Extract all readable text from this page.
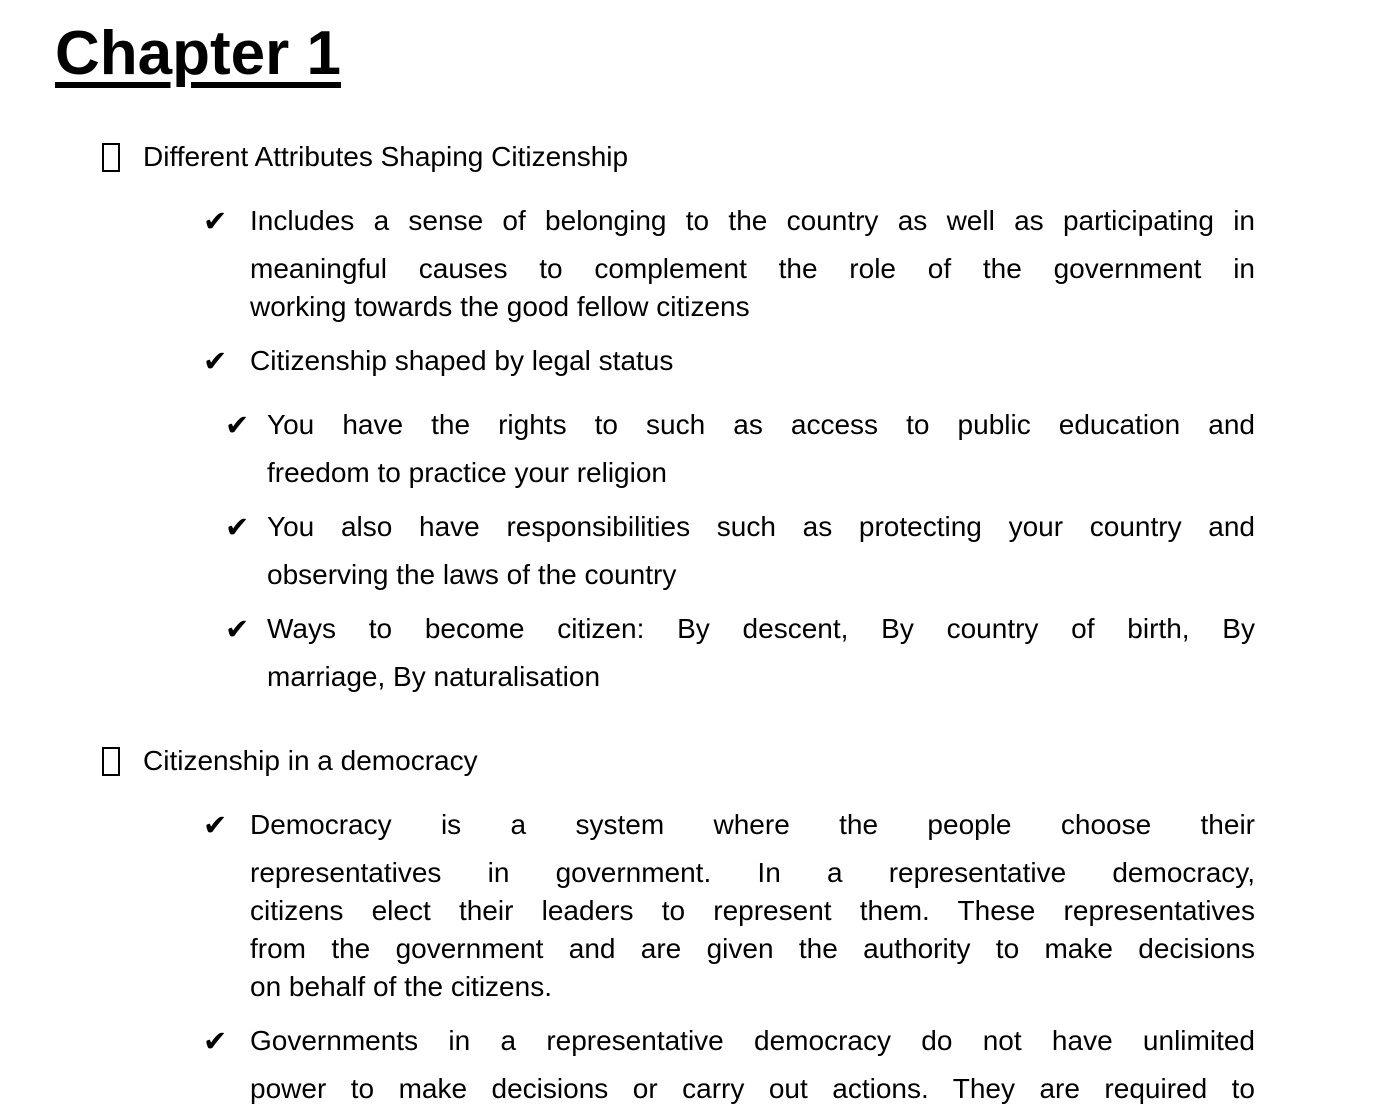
Chapter 1
Different Attributes Shaping Citizenship
✔ Includes a sense of belonging to the country as well as participating in
meaningful causes to complement the role of the government in
working towards the good fellow citizens
✔ Citizenship shaped by legal status
✔ You have the rights to such as access to public education and
freedom to practice your religion
✔ You also have responsibilities such as protecting your country and
observing the laws of the country
✔ Ways to become citizen: By descent, By country of birth, By
marriage, By naturalisation
Citizenship in a democracy
✔ Democracy is a system where the people choose their
representatives in government. In a representative democracy,
citizens elect their leaders to represent them. These representatives
from the government and are given the authority to make decisions
on behalf of the citizens.
✔ Governments in a representative democracy do not have unlimited
power to make decisions or carry out actions. They are required to
